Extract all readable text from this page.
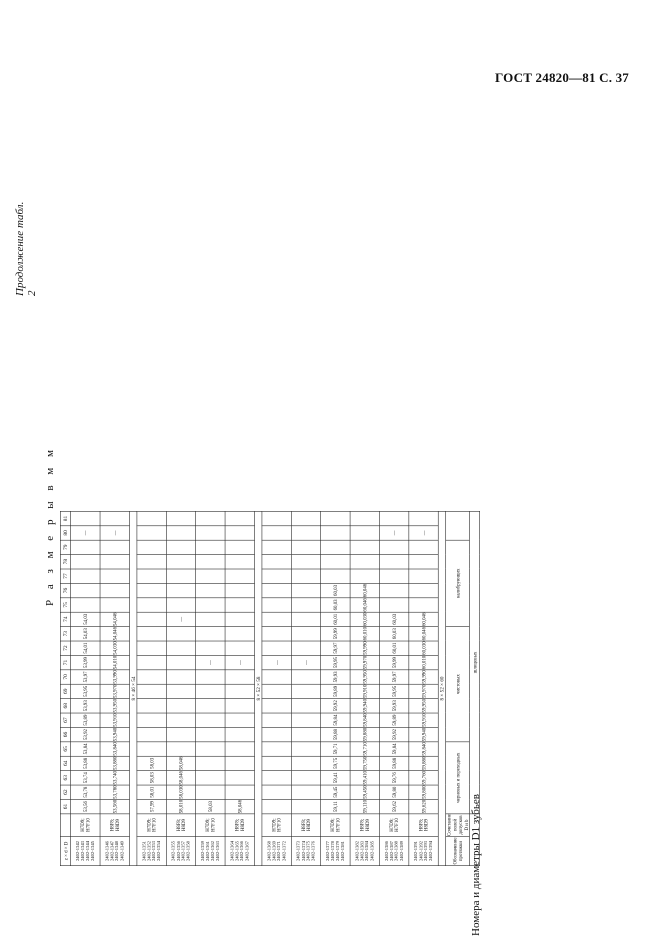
ГОСТ 24820—81 С. 37
Продолжение табл. 2
Р а з м е р ы в м м
Номера и диаметры D1 зубьев
z × d × D		61	62	63	64	65	66	67	68	69	70	71	72	73	74	75	76	77	78	79	80	81
2402-1342 2402-1343 2402-1344 2402-1345	H7D9; H7F10	53,56	53,78	53,74	53,88	53,84	53,92	53,89	53,93	53,95	53,97	53,99	54,01	54,03	54,03						—	
2402-1346 2402-1347 2402-1348 2402-1349	H8F8; H8D9	53,560	53,780	53,740	53,880	53,840	53,940	53,910	53,950	53,970	53,990	54,010	54,030	54,046	54,046						—	
8 × 46 × 54																						
2402-1351 2402-1352 2402-1353 2402-1354	H7D9; H7F10	57,99	58,01	58,03	58,03																	
2402-1355 2402-1356 2402-1357 2402-1358	H8F8; H8D9	58,010	58,030	58,046	58,046										—							
2402-1359 2402-1361 2402-1362 2402-1363	H7D9; H7F10	58,03										—										
2402-1364 2402-1365 2402-1366 2402-1367	H8F8; H8D9	58,046										—										
8 × 52 × 58																						
2402-1368 2402-1369 2402-1371 2402-1372	H7D9; H7F10											—										
2402-1373 2402-1374 2402-1375 2402-1376	H8F8; H8D9											—										
2402-1377 2402-1378 2402-1379 2402-1381	H7D9; H7F10	59,11	59,45	59,41	59,75	59,71	59,88	59,84	59,92	59,89	59,93	59,95	59,97	59,99	60,01	60,03	60,03					
2402-1382 2402-1383 2402-1384 2402-1385	H8F8; H8D9	59,110	59,450	59,410	59,750	59,710	59,880	59,840	59,940	59,910	59,950	59,970	59,990	60,010	60,030	60,046	60,046					
2402-1386 2402-1387 2402-1388 2402-1389	H7D9; H7F10	59,62	59,80	59,76	59,88	59,84	59,92	59,89	59,93	59,95	59,97	59,99	60,01	60,03	60,03						—	
2402-1391 2402-1392 2402-1393 2402-1394	H8F8; H8D9	59,620	59,800	59,760	59,880	59,840	59,940	59,910	59,950	59,970	59,990	60,010	60,030	60,046	60,046						—	
8 × 52 × 60																						
Обозначение протяжки	Сочетание полей допусков D и b	черновых и переходных					чистовых								калибрующих							
		шлицевых																				
